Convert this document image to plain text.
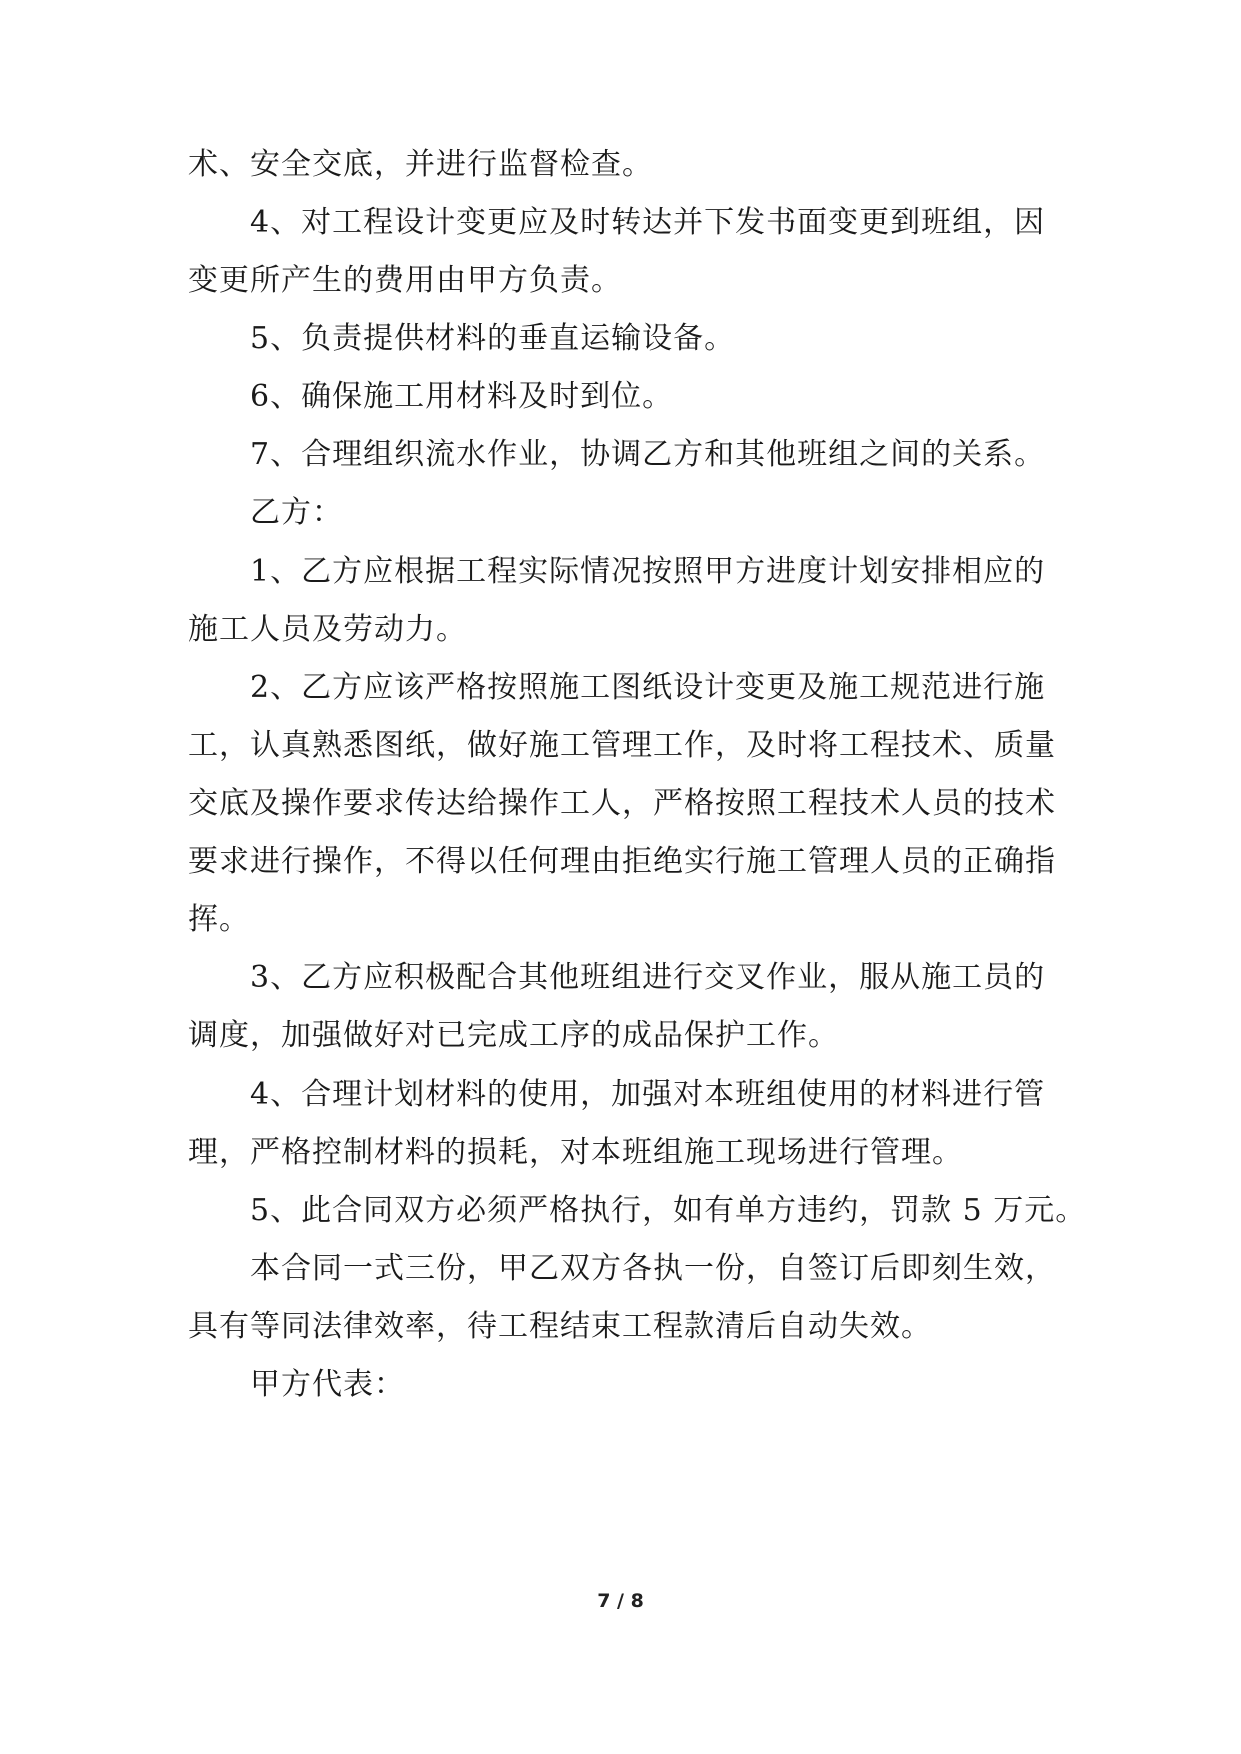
术、安全交底，并进行监督检查。
4、对工程设计变更应及时转达并下发书面变更到班组，因
变更所产生的费用由甲方负责。
5、负责提供材料的垂直运输设备。
6、确保施工用材料及时到位。
7、合理组织流水作业，协调乙方和其他班组之间的关系。
乙方：
1、乙方应根据工程实际情况按照甲方进度计划安排相应的
施工人员及劳动力。
2、乙方应该严格按照施工图纸设计变更及施工规范进行施
工，认真熟悉图纸，做好施工管理工作，及时将工程技术、质量
交底及操作要求传达给操作工人，严格按照工程技术人员的技术
要求进行操作，不得以任何理由拒绝实行施工管理人员的正确指
挥。
3、乙方应积极配合其他班组进行交叉作业，服从施工员的
调度，加强做好对已完成工序的成品保护工作。
4、合理计划材料的使用，加强对本班组使用的材料进行管
理，严格控制材料的损耗，对本班组施工现场进行管理。
5、此合同双方必须严格执行，如有单方违约，罚款 5 万元。
本合同一式三份，甲乙双方各执一份，自签订后即刻生效，
具有等同法律效率，待工程结束工程款清后自动失效。
甲方代表：
7 / 8
